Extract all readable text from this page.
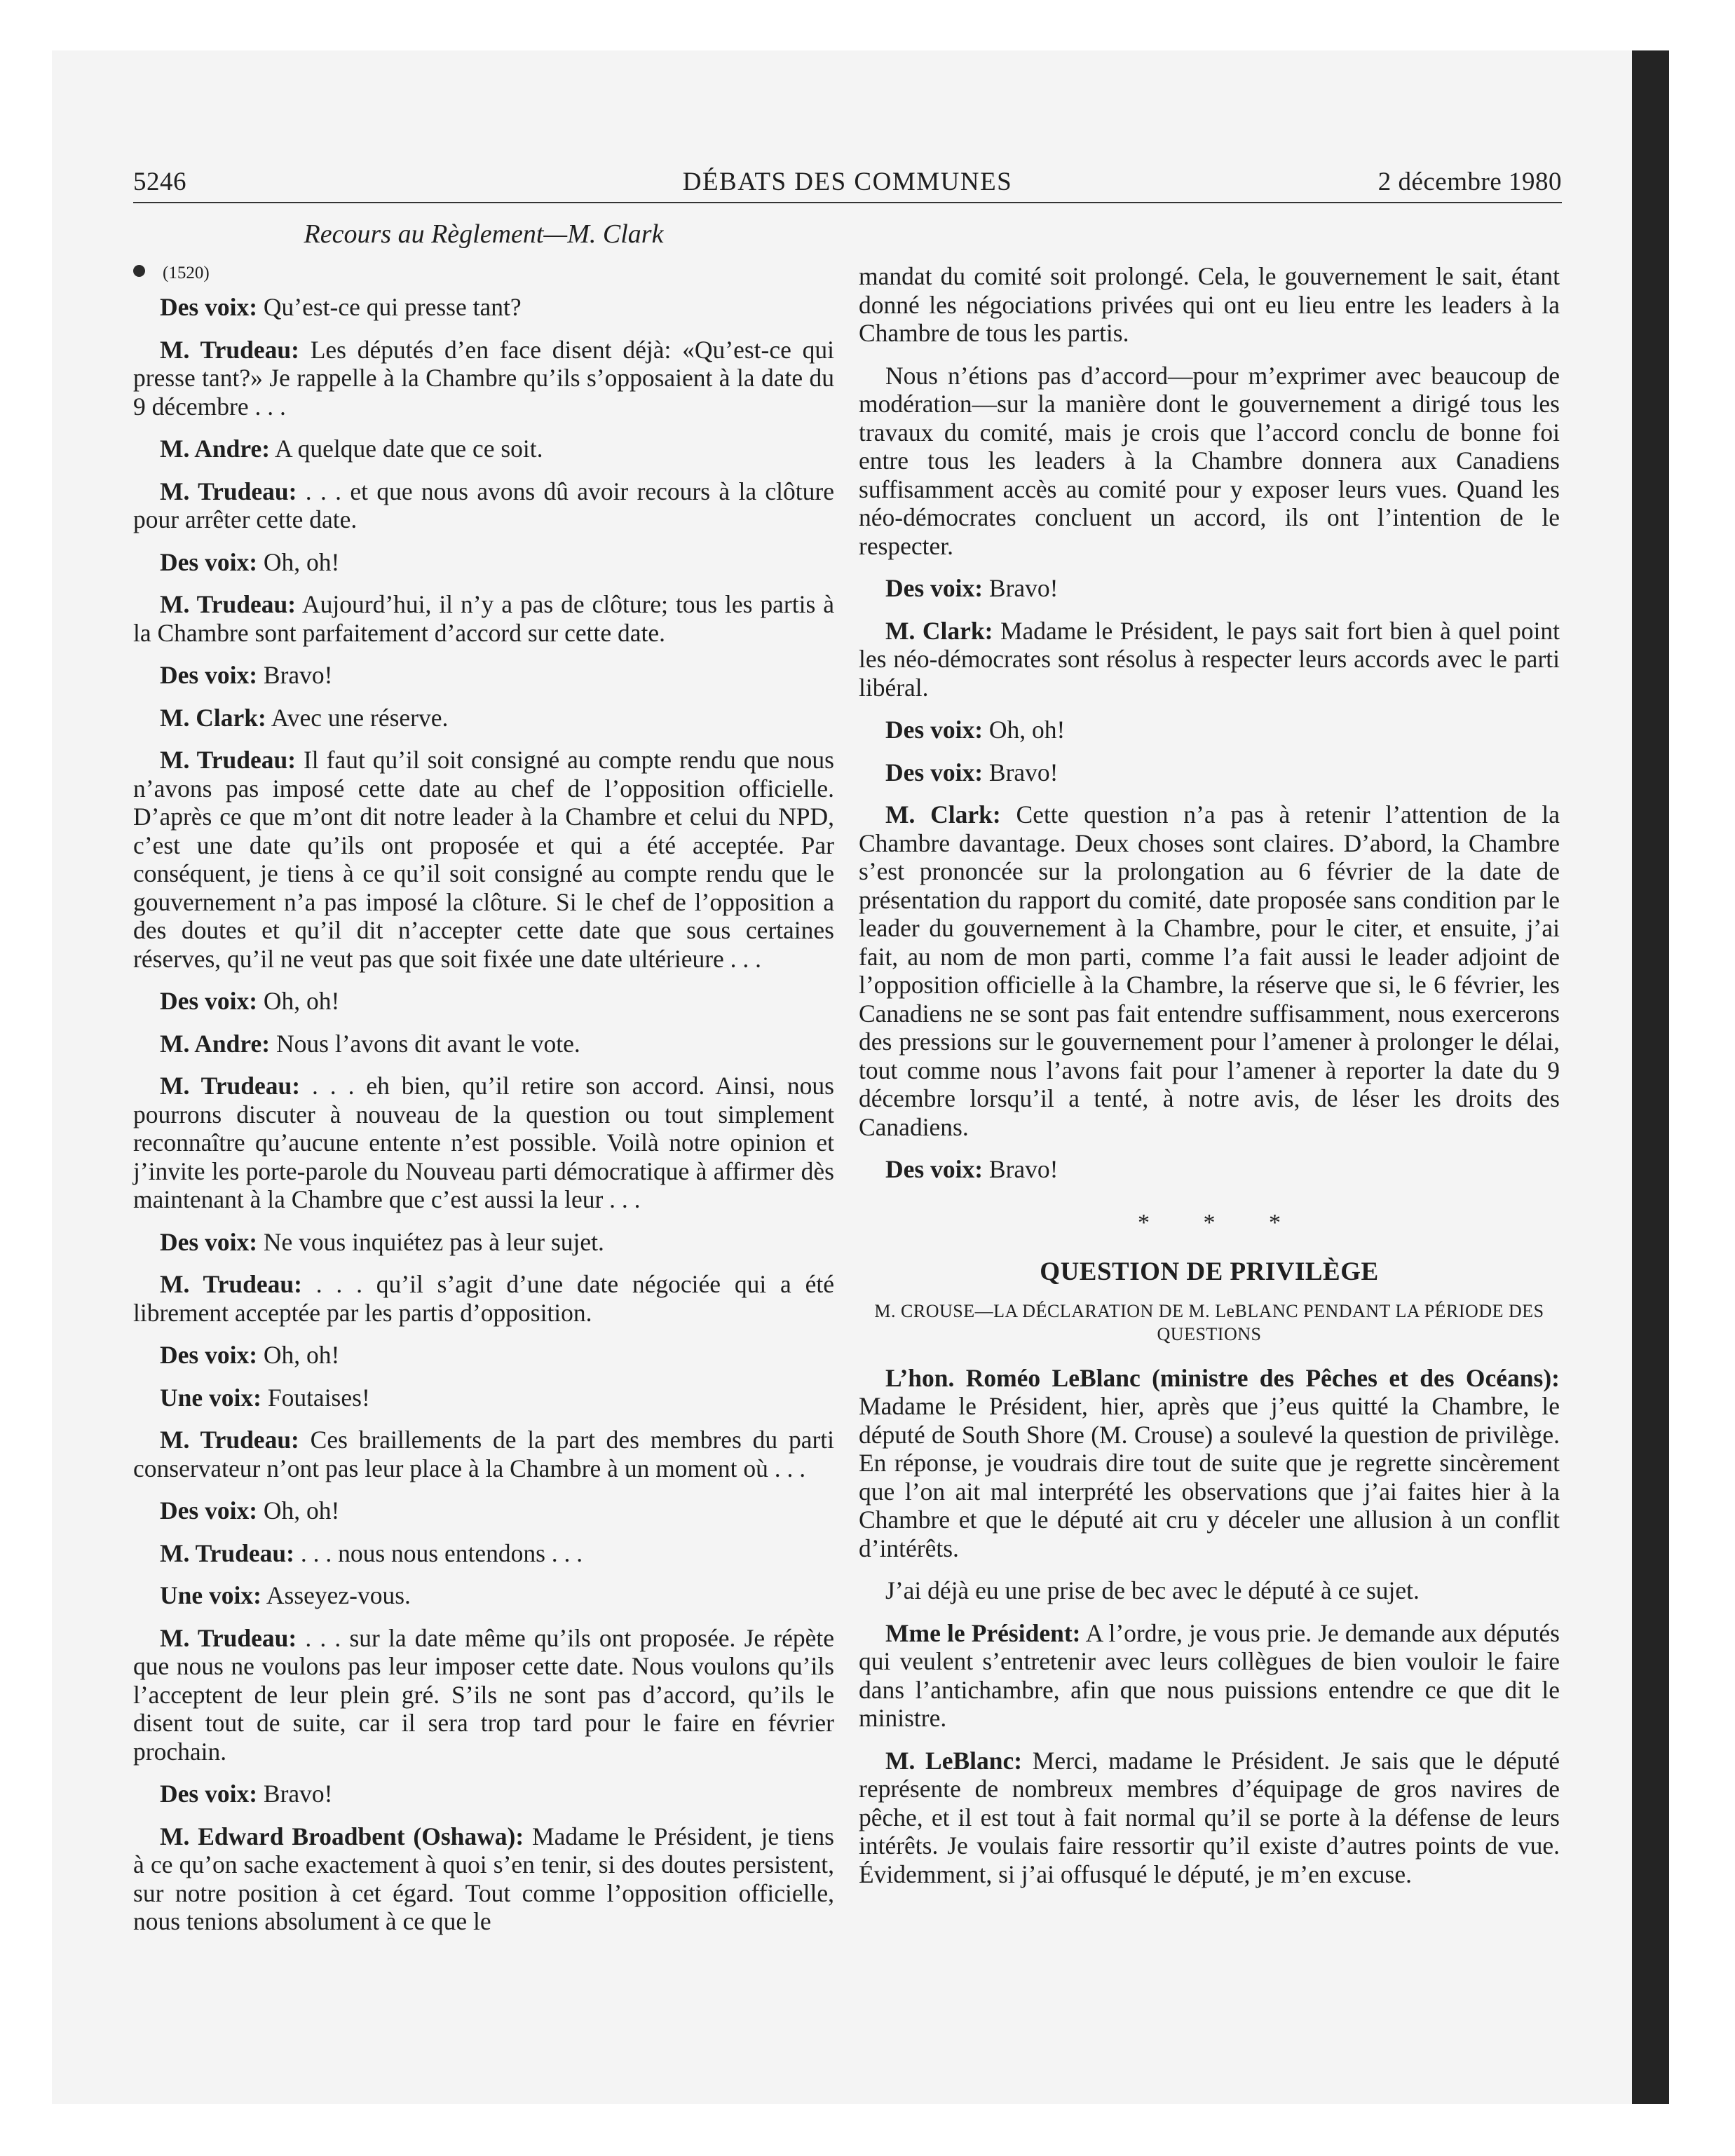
5246	DÉBATS DES COMMUNES	2 décembre 1980
Recours au Règlement—M. Clark
(1520)

Des voix: Qu’est-ce qui presse tant?

M. Trudeau: Les députés d’en face disent déjà: «Qu’est-ce qui presse tant?» Je rappelle à la Chambre qu’ils s’opposaient à la date du 9 décembre . . .

M. Andre: A quelque date que ce soit.

M. Trudeau: . . . et que nous avons dû avoir recours à la clôture pour arrêter cette date.

Des voix: Oh, oh!

M. Trudeau: Aujourd’hui, il n’y a pas de clôture; tous les partis à la Chambre sont parfaitement d’accord sur cette date.

Des voix: Bravo!

M. Clark: Avec une réserve.

M. Trudeau: Il faut qu’il soit consigné au compte rendu que nous n’avons pas imposé cette date au chef de l’opposition officielle. D’après ce que m’ont dit notre leader à la Chambre et celui du NPD, c’est une date qu’ils ont proposée et qui a été acceptée. Par conséquent, je tiens à ce qu’il soit consigné au compte rendu que le gouvernement n’a pas imposé la clôture. Si le chef de l’opposition a des doutes et qu’il dit n’accepter cette date que sous certaines réserves, qu’il ne veut pas que soit fixée une date ultérieure . . .

Des voix: Oh, oh!

M. Andre: Nous l’avons dit avant le vote.

M. Trudeau: . . . eh bien, qu’il retire son accord. Ainsi, nous pourrons discuter à nouveau de la question ou tout simplement reconnaître qu’aucune entente n’est possible. Voilà notre opinion et j’invite les porte-parole du Nouveau parti démocratique à affirmer dès maintenant à la Chambre que c’est aussi la leur . . .

Des voix: Ne vous inquiétez pas à leur sujet.

M. Trudeau: . . . qu’il s’agit d’une date négociée qui a été librement acceptée par les partis d’opposition.

Des voix: Oh, oh!

Une voix: Foutaises!

M. Trudeau: Ces braillements de la part des membres du parti conservateur n’ont pas leur place à la Chambre à un moment où . . .

Des voix: Oh, oh!

M. Trudeau: . . . nous nous entendons . . .

Une voix: Asseyez-vous.

M. Trudeau: . . . sur la date même qu’ils ont proposée. Je répète que nous ne voulons pas leur imposer cette date. Nous voulons qu’ils l’acceptent de leur plein gré. S’ils ne sont pas d’accord, qu’ils le disent tout de suite, car il sera trop tard pour le faire en février prochain.

Des voix: Bravo!

M. Edward Broadbent (Oshawa): Madame le Président, je tiens à ce qu’on sache exactement à quoi s’en tenir, si des doutes persistent, sur notre position à cet égard. Tout comme l’opposition officielle, nous tenions absolument à ce que le

mandat du comité soit prolongé. Cela, le gouvernement le sait, étant donné les négociations privées qui ont eu lieu entre les leaders à la Chambre de tous les partis.

Nous n’étions pas d’accord—pour m’exprimer avec beaucoup de modération—sur la manière dont le gouvernement a dirigé tous les travaux du comité, mais je crois que l’accord conclu de bonne foi entre tous les leaders à la Chambre donnera aux Canadiens suffisamment accès au comité pour y exposer leurs vues. Quand les néo-démocrates concluent un accord, ils ont l’intention de le respecter.

Des voix: Bravo!

M. Clark: Madame le Président, le pays sait fort bien à quel point les néo-démocrates sont résolus à respecter leurs accords avec le parti libéral.

Des voix: Oh, oh!

Des voix: Bravo!

M. Clark: Cette question n’a pas à retenir l’attention de la Chambre davantage. Deux choses sont claires. D’abord, la Chambre s’est prononcée sur la prolongation au 6 février de la date de présentation du rapport du comité, date proposée sans condition par le leader du gouvernement à la Chambre, pour le citer, et ensuite, j’ai fait, au nom de mon parti, comme l’a fait aussi le leader adjoint de l’opposition officielle à la Chambre, la réserve que si, le 6 février, les Canadiens ne se sont pas fait entendre suffisamment, nous exercerons des pressions sur le gouvernement pour l’amener à prolonger le délai, tout comme nous l’avons fait pour l’amener à reporter la date du 9 décembre lorsqu’il a tenté, à notre avis, de léser les droits des Canadiens.

Des voix: Bravo!

* * *
QUESTION DE PRIVILÈGE
M. CROUSE—LA DÉCLARATION DE M. LeBLANC PENDANT LA PÉRIODE DES QUESTIONS

L’hon. Roméo LeBlanc (ministre des Pêches et des Océans): Madame le Président, hier, après que j’eus quitté la Chambre, le député de South Shore (M. Crouse) a soulevé la question de privilège. En réponse, je voudrais dire tout de suite que je regrette sincèrement que l’on ait mal interprété les observations que j’ai faites hier à la Chambre et que le député ait cru y déceler une allusion à un conflit d’intérêts.

J’ai déjà eu une prise de bec avec le député à ce sujet.

Mme le Président: A l’ordre, je vous prie. Je demande aux députés qui veulent s’entretenir avec leurs collègues de bien vouloir le faire dans l’antichambre, afin que nous puissions entendre ce que dit le ministre.

M. LeBlanc: Merci, madame le Président. Je sais que le député représente de nombreux membres d’équipage de gros navires de pêche, et il est tout à fait normal qu’il se porte à la défense de leurs intérêts. Je voulais faire ressortir qu’il existe d’autres points de vue. Évidemment, si j’ai offusqué le député, je m’en excuse.
